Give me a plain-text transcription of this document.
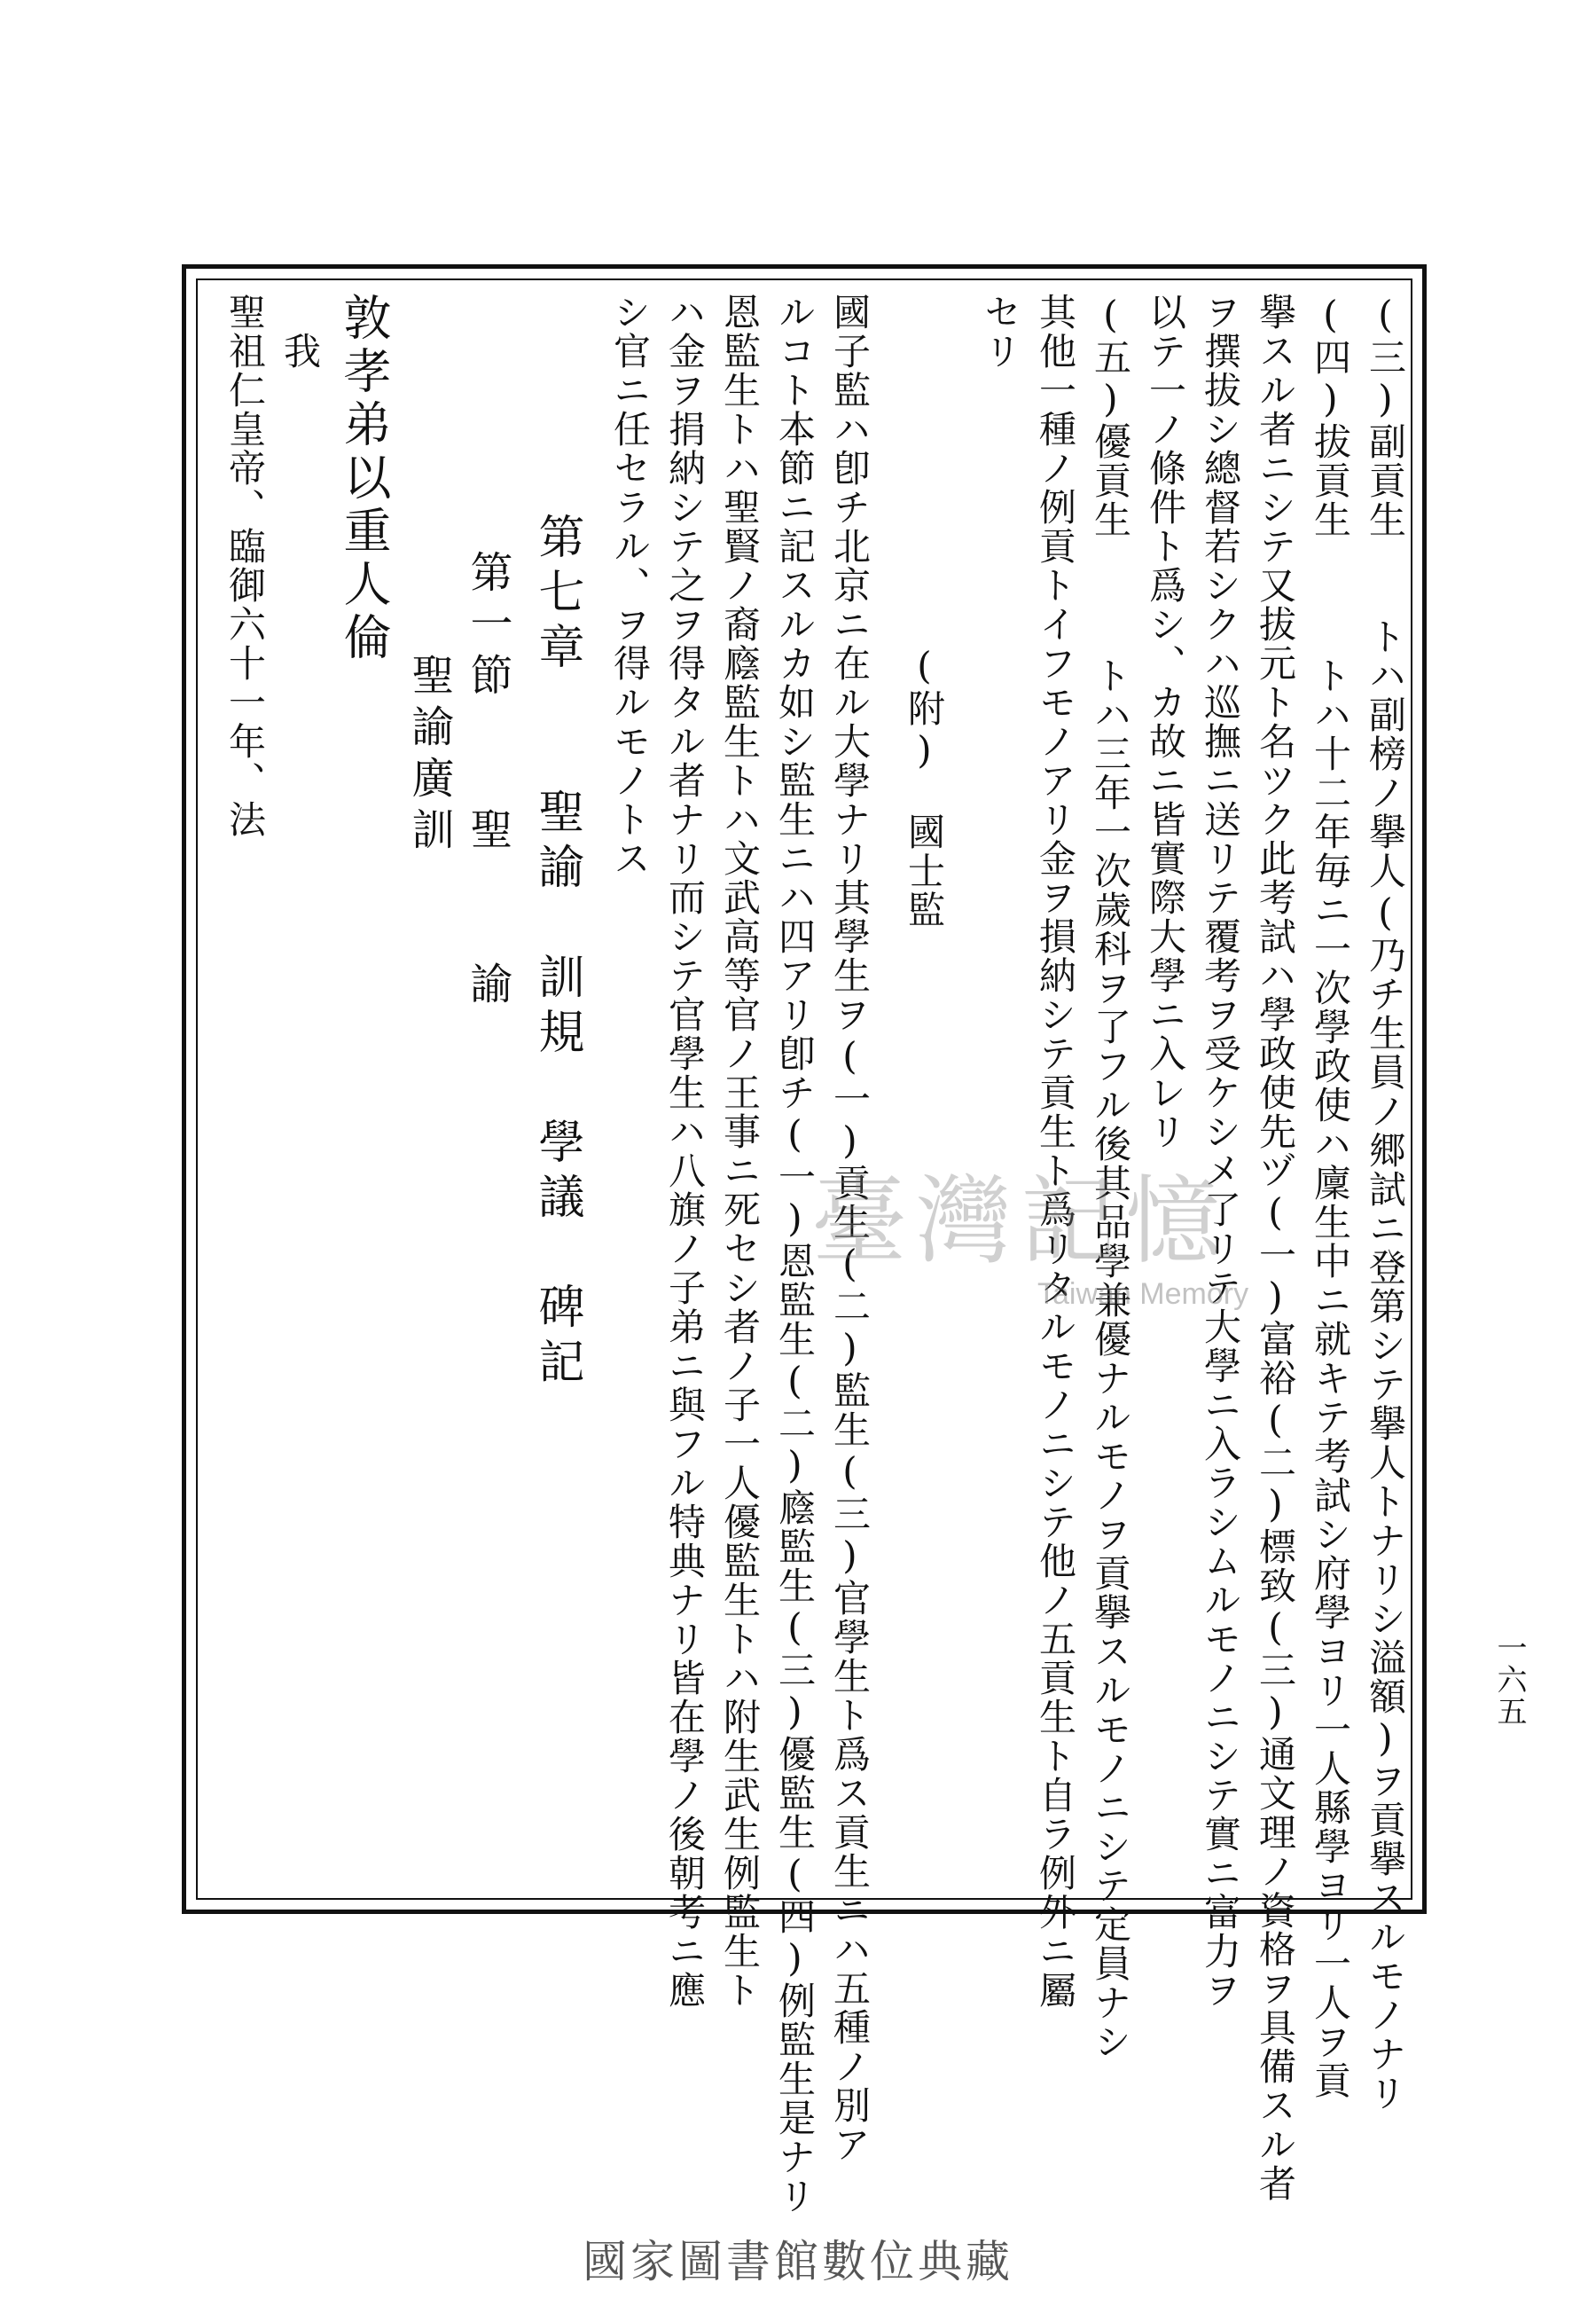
(三)副貢生　　トハ副榜ノ擧人(乃チ生員ノ郷試ニ登第シテ擧人トナリシ溢額)ヲ貢擧スルモノナリ
(四)拔貢生　　　トハ十二年毎ニ一次學政使ハ廩生中ニ就キテ考試シ府學ヨリ一人縣學ヨリ一人ヲ貢
擧スル者ニシテ又拔元ト名ツク此考試ハ學政使先ヅ(一)富裕(二)標致(三)通文理ノ資格ヲ具備スル者
ヲ撰拔シ總督若シクハ巡撫ニ送リテ覆考ヲ受ケシメ了リテ大學ニ入ラシムルモノニシテ實ニ富力ヲ
以テ一ノ條件ト爲シ、カ故ニ皆實際大學ニ入レリ
(五)優貢生　　　トハ三年一次歲科ヲ了フル後其品學兼優ナルモノヲ貢擧スルモノニシテ定員ナシ
其他一種ノ例貢トイフモノアリ金ヲ損納シテ貢生ト爲リタルモノニシテ他ノ五貢生ト自ラ例外ニ屬
セリ
　　　　　　　　　(附)　國士監
國子監ハ卽チ北京ニ在ル大學ナリ其學生ヲ(一)貢生(二)監生(三)官學生ト爲ス貢生ニハ五種ノ別ア
ルコト本節ニ記スルカ如シ監生ニハ四アリ卽チ(一)恩監生(二)廕監生(三)優監生(四)例監生是ナリ
恩監生トハ聖賢ノ裔廕監生トハ文武高等官ノ王事ニ死セシ者ノ子一人優監生トハ附生武生例監生ト
ハ金ヲ捐納シテ之ヲ得タル者ナリ而シテ官學生ハ八旗ノ子弟ニ與フル特典ナリ皆在學ノ後朝考ニ應
シ官ニ任セラル、ヲ得ルモノトス
　　　　第七章　　聖諭　訓規　學議　碑記
　　　　　第一節　　聖　　諭
　　　　　　　聖諭廣訓
敦孝弟以重人倫
　我
聖祖仁皇帝、臨御六十一年、法
一六五
臺灣記憶
Taiwan Memory
國家圖書館數位典藏
